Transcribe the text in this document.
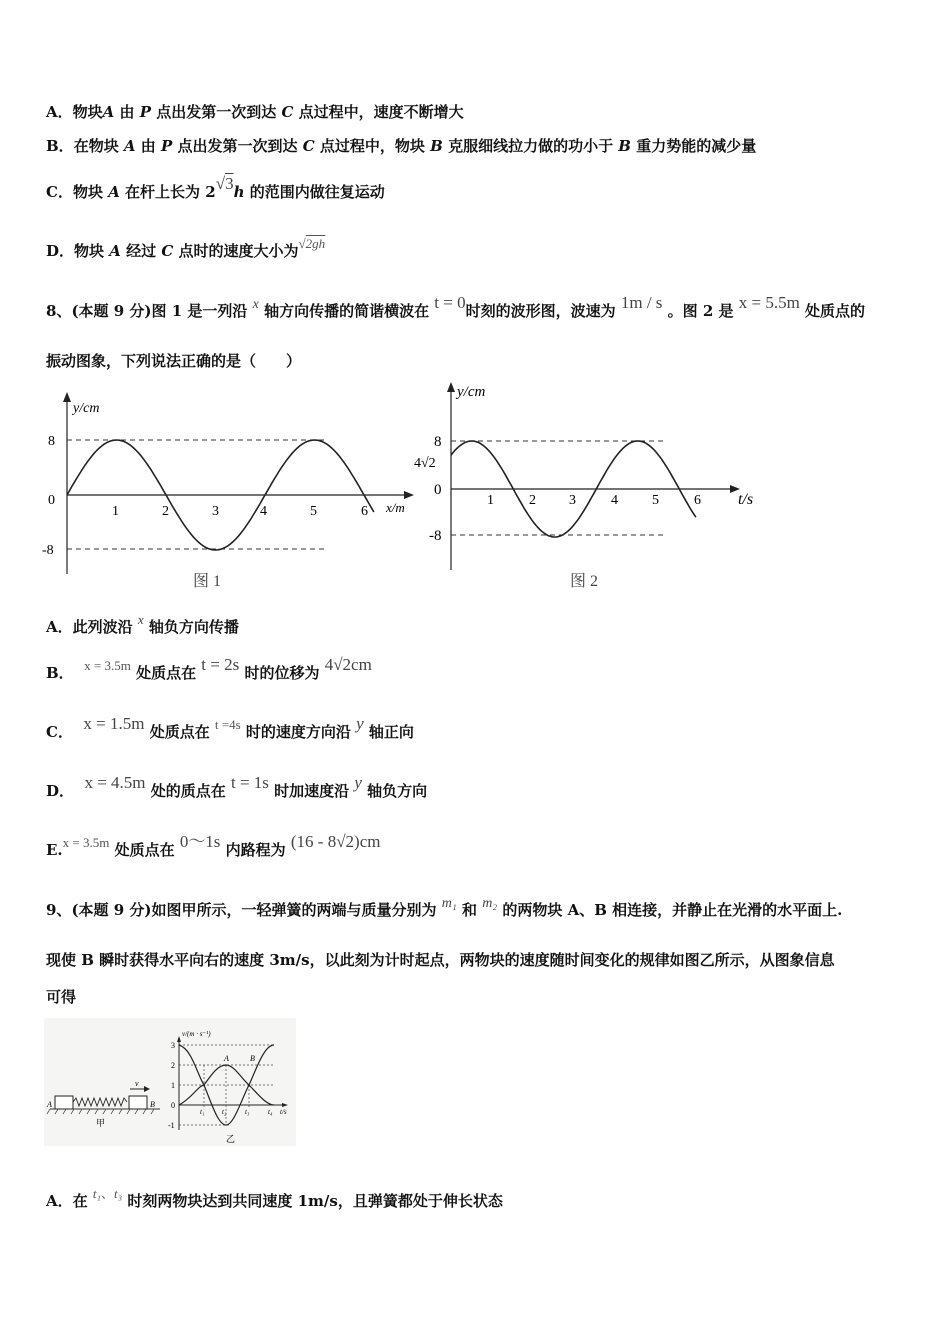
A．物块A 由 P 点出发第一次到达 C 点过程中，速度不断增大
B．在物块 A 由 P 点出发第一次到达 C 点过程中，物块 B 克服细线拉力做的功小于 B 重力势能的减少量
C．物块 A 在杆上长为 2√3h 的范围内做往复运动
D．物块 A 经过 C 点时的速度大小为√2gh
8、(本题 9 分)图 1 是一列沿 x 轴方向传播的简谐横波在 t = 0时刻的波形图，波速为 1m / s 。图 2 是 x = 5.5m 处质点的
振动图象，下列说法正确的是（　　）
y/cm
8
0
-8
1	2	3	4	5	6 x/m
图 1
y/cm
8
4√2
0
-8
1	2 3	4 5	6 t/s
图 2
A．此列波沿 x 轴负方向传播
B． x = 3.5m 处质点在 t = 2s 时的位移为 4√2cm
C． x = 1.5m 处质点在 t =4s 时的速度方向沿 y 轴正向
D． x = 4.5m 处的质点在 t = 1s 时加速度沿 y 轴负方向
E.x = 3.5m 处质点在 0～1s 内路程为 (16 - 8√2)cm
9、(本题 9 分)如图甲所示，一轻弹簧的两端与质量分别为 m₁ 和 m₂ 的两物块 A、B 相连接，并静止在光滑的水平面上.
现使 B 瞬时获得水平向右的速度 3m/s，以此刻为计时起点，两物块的速度随时间变化的规律如图乙所示，从图象信息
可得
v
A	B
甲
v/(m · s⁻¹)
3
2
1
0
-1
t₁	t₂	t₃	t₄ t/s
A	B
乙
A．在 t₁、t₃ 时刻两物块达到共同速度 1m/s，且弹簧都处于伸长状态
